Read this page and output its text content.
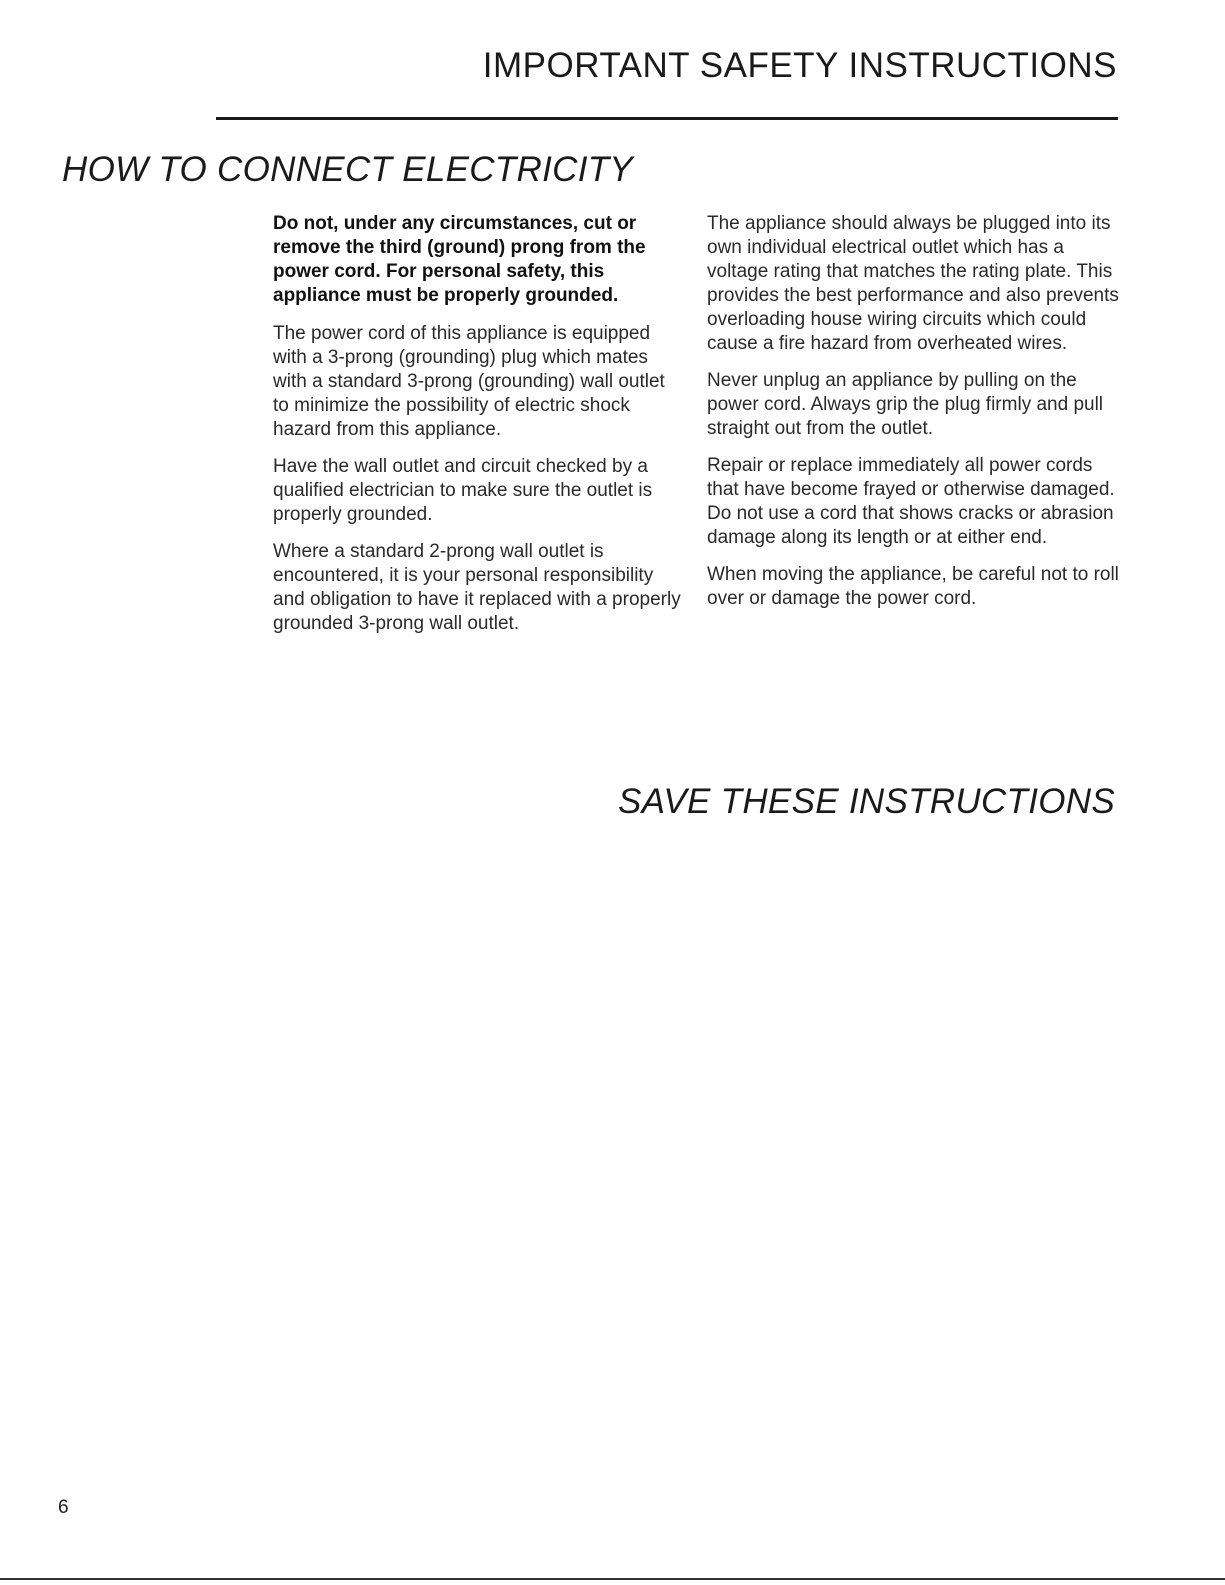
IMPORTANT SAFETY INSTRUCTIONS
HOW TO CONNECT ELECTRICITY

Do not, under any circumstances, cut or remove the third (ground) prong from the power cord. For personal safety, this appliance must be properly grounded.

The power cord of this appliance is equipped with a 3-prong (grounding) plug which mates with a standard 3-prong (grounding) wall outlet to minimize the possibility of electric shock hazard from this appliance.

Have the wall outlet and circuit checked by a qualified electrician to make sure the outlet is properly grounded.

Where a standard 2-prong wall outlet is encountered, it is your personal responsibility and obligation to have it replaced with a properly grounded 3-prong wall outlet.

The appliance should always be plugged into its own individual electrical outlet which has a voltage rating that matches the rating plate. This provides the best performance and also prevents overloading house wiring circuits which could cause a fire hazard from overheated wires.

Never unplug an appliance by pulling on the power cord. Always grip the plug firmly and pull straight out from the outlet.

Repair or replace immediately all power cords that have become frayed or otherwise damaged. Do not use a cord that shows cracks or abrasion damage along its length or at either end.

When moving the appliance, be careful not to roll over or damage the power cord.

SAVE THESE INSTRUCTIONS
6
